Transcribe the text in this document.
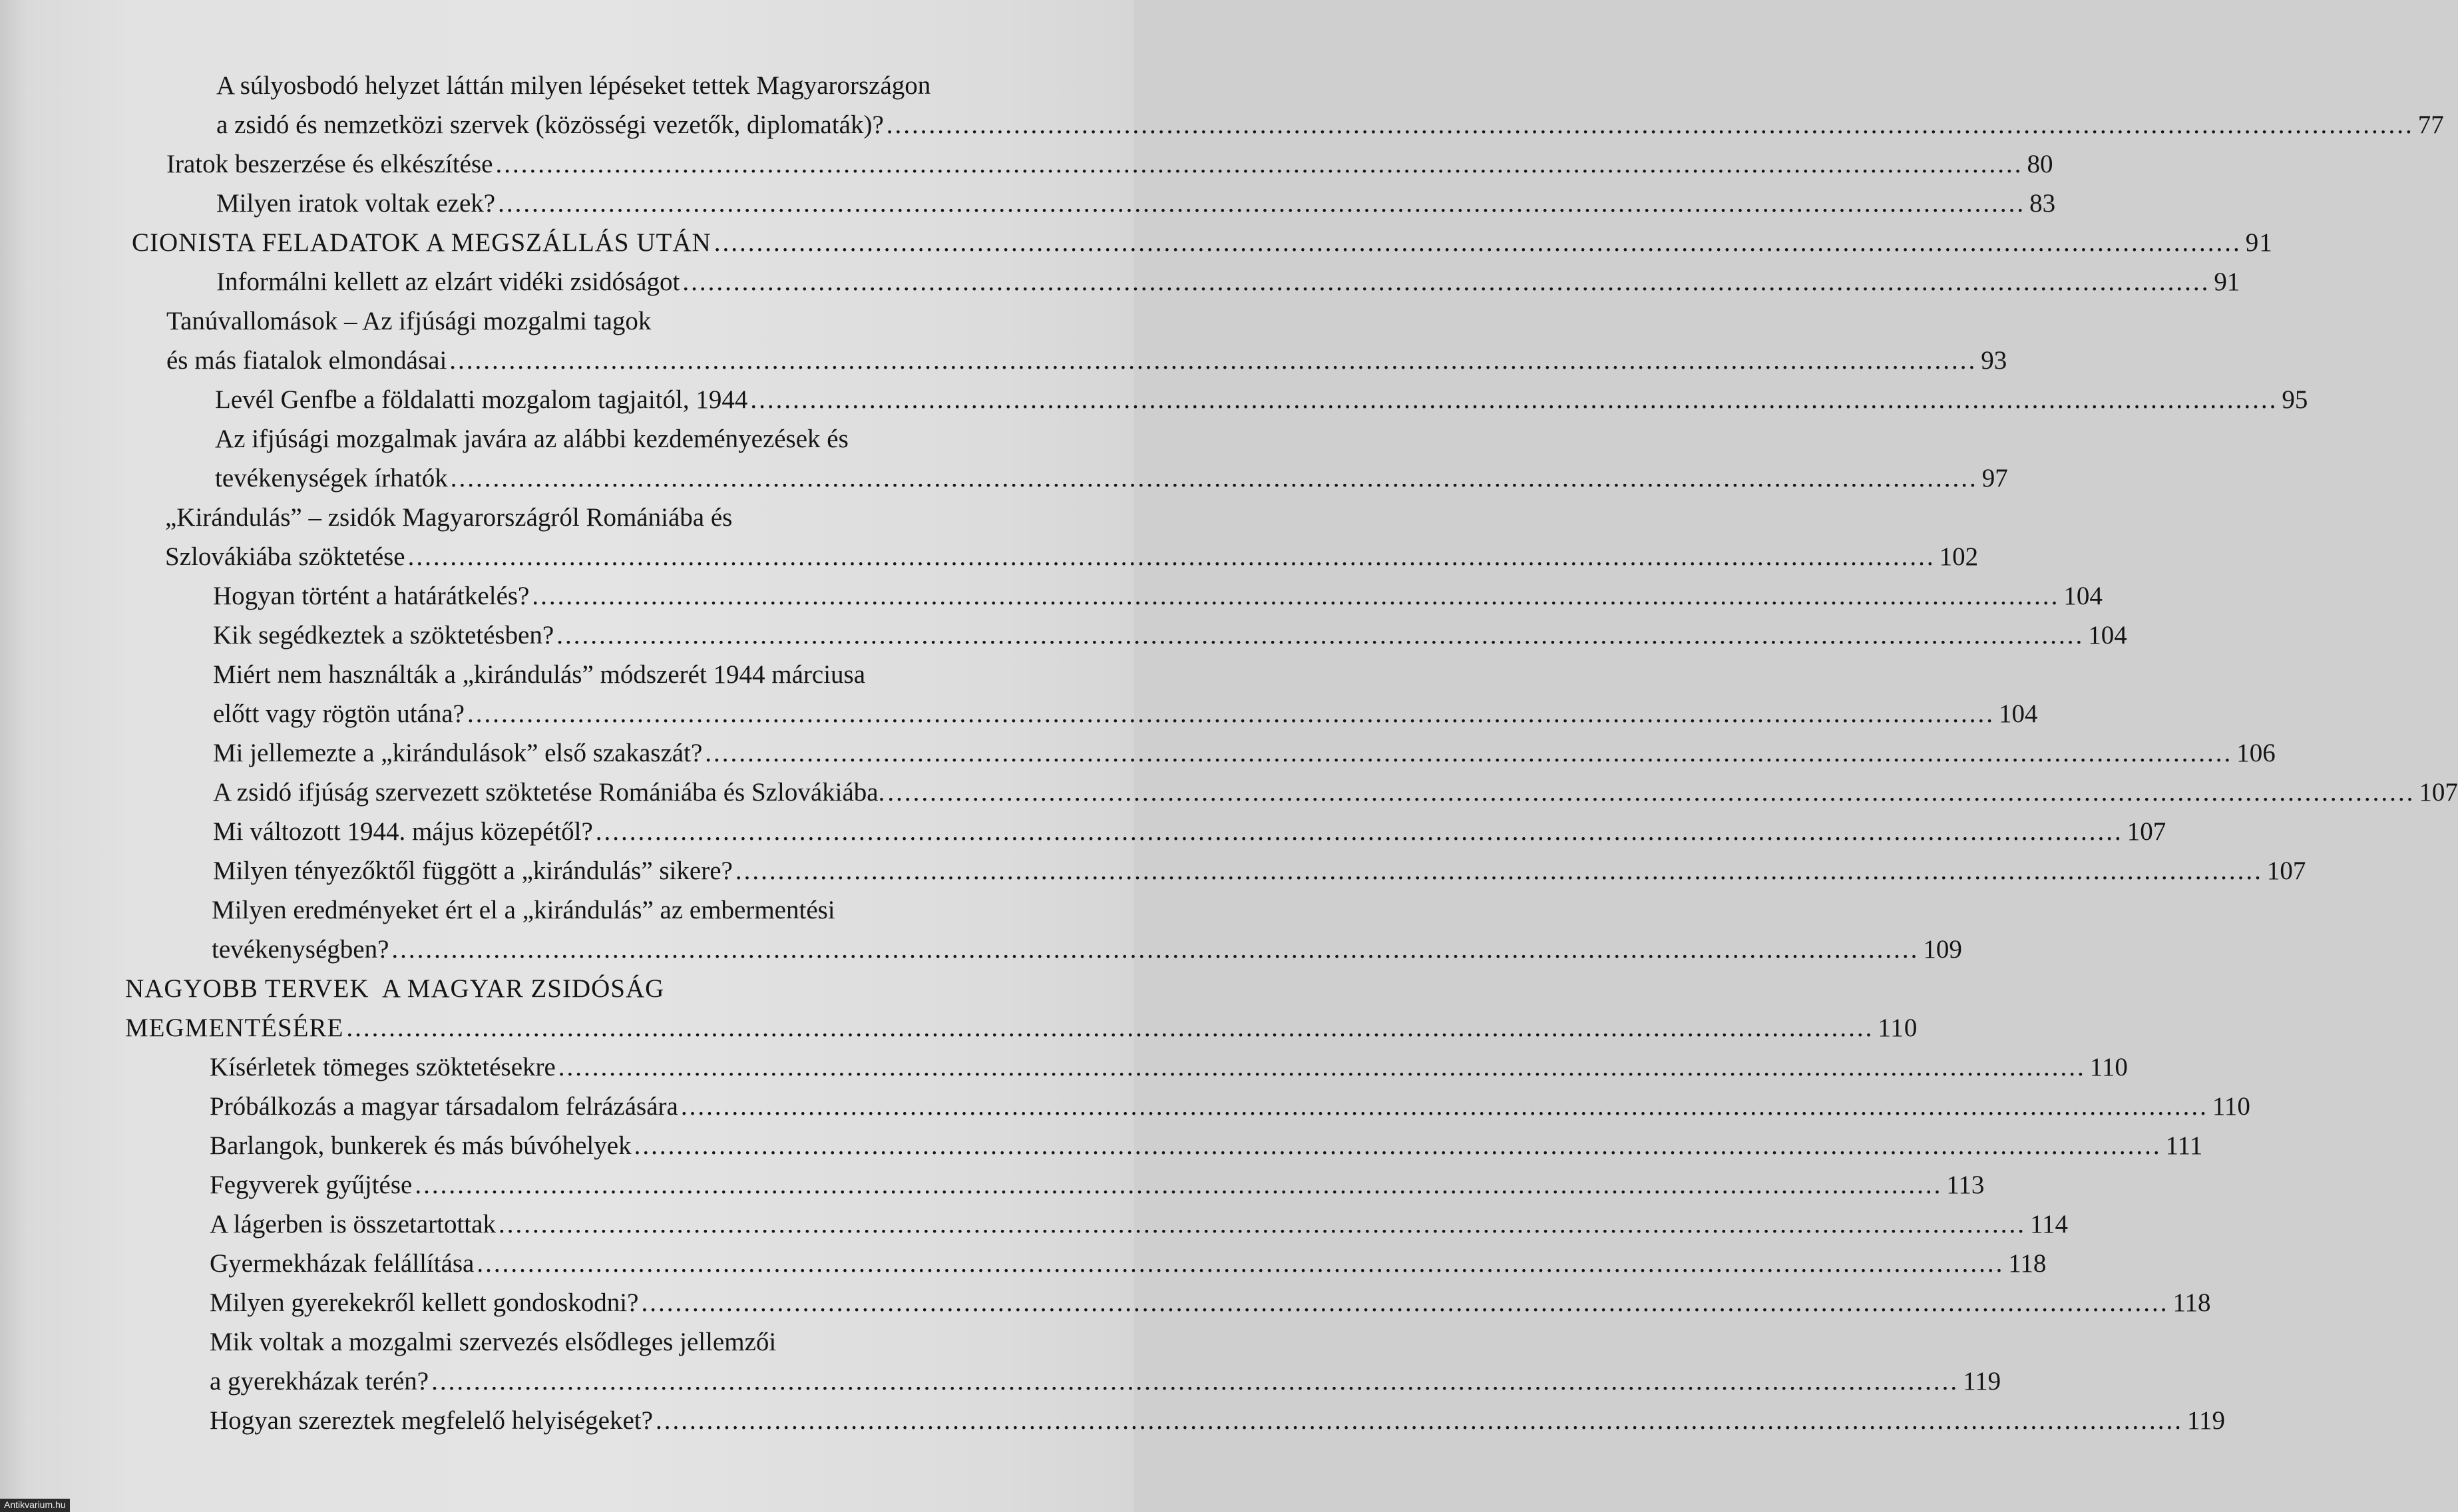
A súlyosbodó helyzet láttán milyen lépéseket tettek Magyarországon
a zsidó és nemzetközi szervek (közösségi vezetők, diplomaták)? .................................................................................................................................................................................... 77
Iratok beszerzése és elkészítése .................................................................................................................................................................................... 80
Milyen iratok voltak ezek? .................................................................................................................................................................................... 83
CIONISTA FELADATOK A MEGSZÁLLÁS UTÁN .................................................................................................................................................................................... 91
Informálni kellett az elzárt vidéki zsidóságot .................................................................................................................................................................................... 91
Tanúvallomások – Az ifjúsági mozgalmi tagok
és más fiatalok elmondásai .................................................................................................................................................................................... 93
Levél Genfbe a földalatti mozgalom tagjaitól, 1944 .................................................................................................................................................................................... 95
Az ifjúsági mozgalmak javára az alábbi kezdeményezések és
tevékenységek írhatók .................................................................................................................................................................................... 97
„Kirándulás” – zsidók Magyarországról Romániába és
Szlovákiába szöktetése .................................................................................................................................................................................... 102
Hogyan történt a határátkelés? .................................................................................................................................................................................... 104
Kik segédkeztek a szöktetésben? .................................................................................................................................................................................... 104
Miért nem használták a „kirándulás” módszerét 1944 márciusa
előtt vagy rögtön utána? .................................................................................................................................................................................... 104
Mi jellemezte a „kirándulások” első szakaszát? .................................................................................................................................................................................... 106
A zsidó ifjúság szervezett szöktetése Romániába és Szlovákiába. .................................................................................................................................................................................... 107
Mi változott 1944. május közepétől? .................................................................................................................................................................................... 107
Milyen tényezőktől függött a „kirándulás” sikere? .................................................................................................................................................................................... 107
Milyen eredményeket ért el a „kirándulás” az embermentési
tevékenységben? .................................................................................................................................................................................... 109
NAGYOBB TERVEK  A MAGYAR ZSIDÓSÁG
MEGMENTÉSÉRE .................................................................................................................................................................................... 110
Kísérletek tömeges szöktetésekre .................................................................................................................................................................................... 110
Próbálkozás a magyar társadalom felrázására .................................................................................................................................................................................... 110
Barlangok, bunkerek és más búvóhelyek .................................................................................................................................................................................... 111
Fegyverek gyűjtése .................................................................................................................................................................................... 113
A lágerben is összetartottak .................................................................................................................................................................................... 114
Gyermekházak felállítása .................................................................................................................................................................................... 118
Milyen gyerekekről kellett gondoskodni? .................................................................................................................................................................................... 118
Mik voltak a mozgalmi szervezés elsődleges jellemzői
a gyerekházak terén? .................................................................................................................................................................................... 119
Hogyan szereztek megfelelő helyiségeket? .................................................................................................................................................................................... 119
Antikvarium.hu
